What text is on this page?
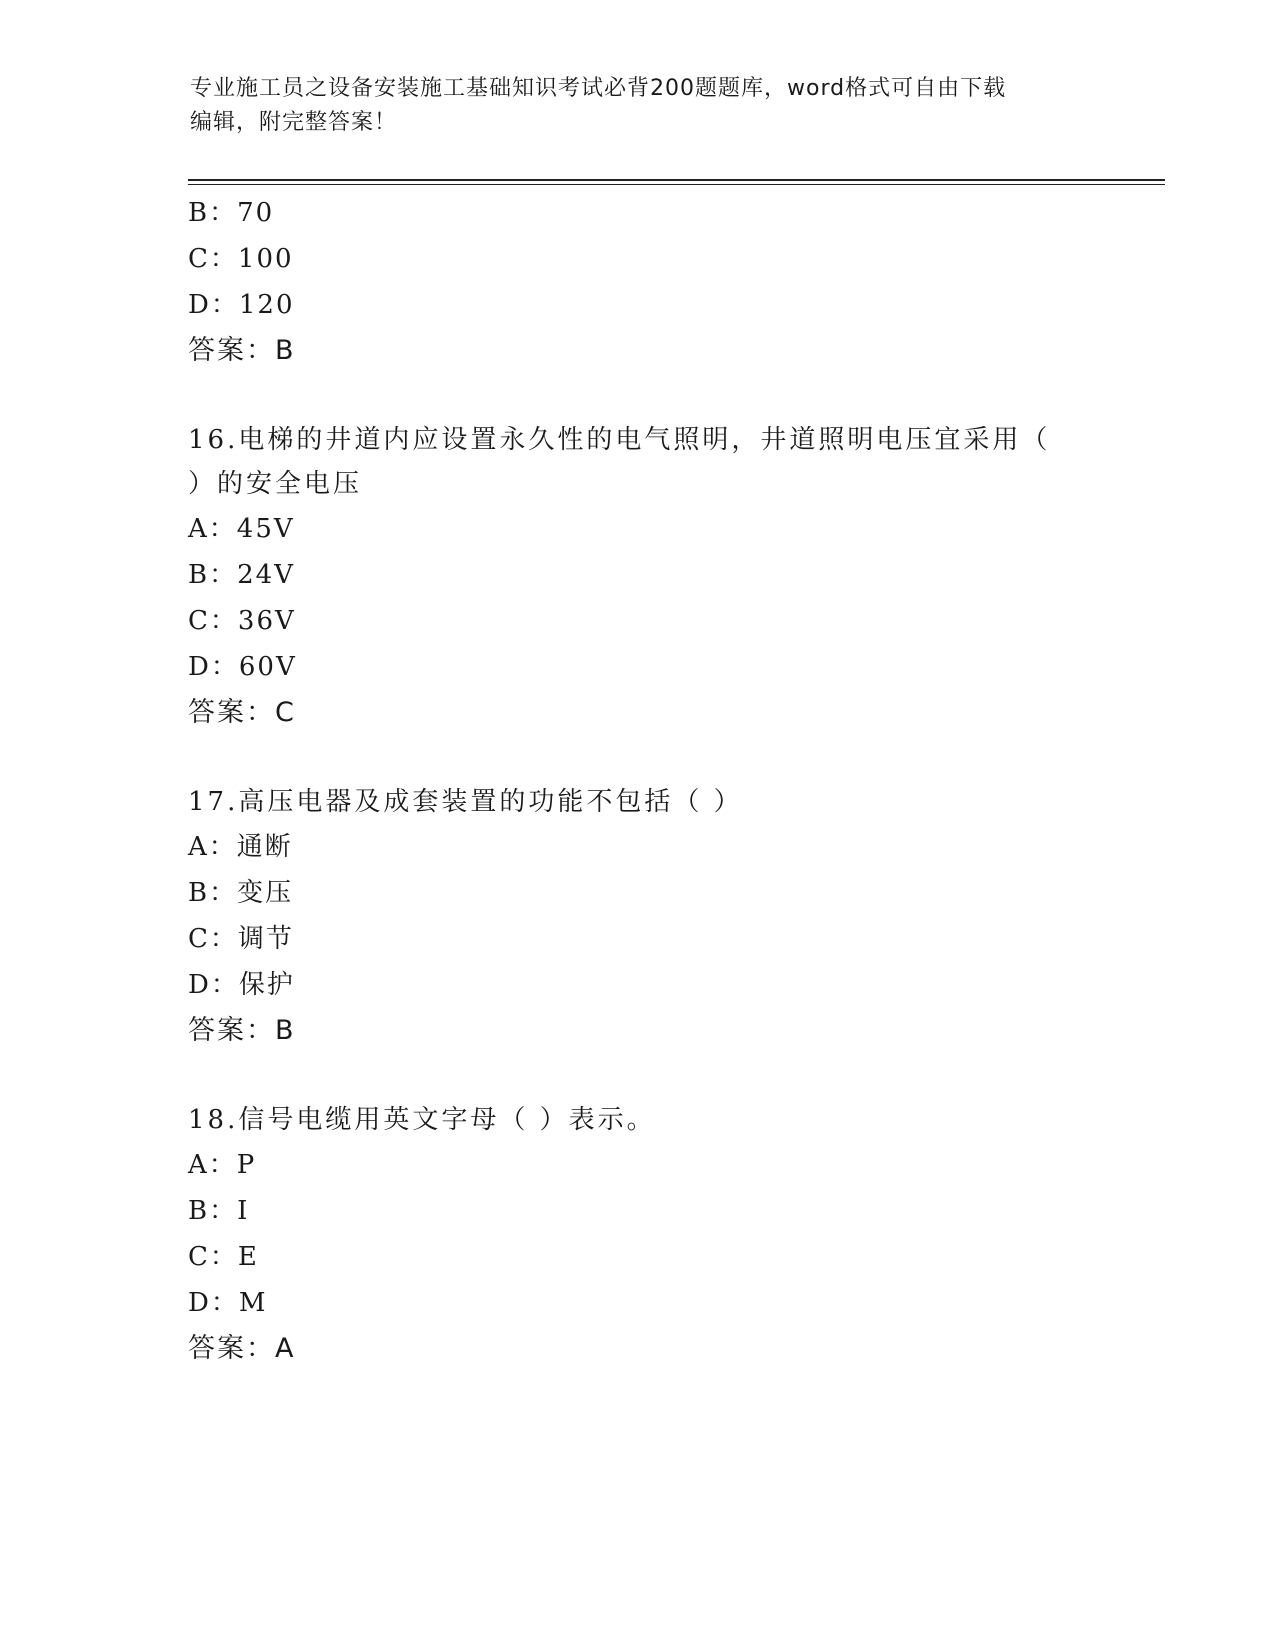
专业施工员之设备安装施工基础知识考试必背200题题库，word格式可自由下载
编辑，附完整答案！
B：70
C：100
D：120
答案：B
16.电梯的井道内应设置永久性的电气照明，井道照明电压宜采用（
）的安全电压
A：45V
B：24V
C：36V
D：60V
答案：C
17.高压电器及成套装置的功能不包括（ ）
A：通断
B：变压
C：调节
D：保护
答案：B
18.信号电缆用英文字母（ ）表示。
A：P
B：I
C：E
D：M
答案：A
